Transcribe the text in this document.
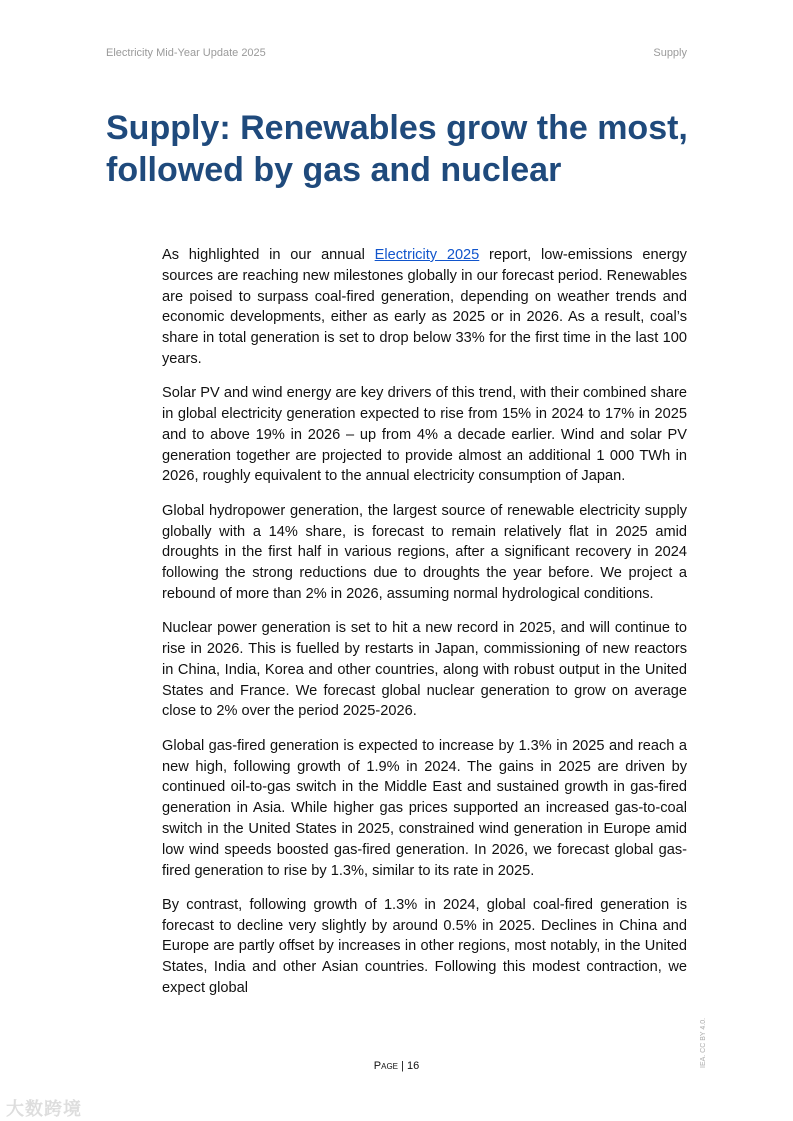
Electricity Mid-Year Update 2025	Supply
Supply: Renewables grow the most, followed by gas and nuclear

As highlighted in our annual Electricity 2025 report, low-emissions energy sources are reaching new milestones globally in our forecast period. Renewables are poised to surpass coal-fired generation, depending on weather trends and economic developments, either as early as 2025 or in 2026. As a result, coal’s share in total generation is set to drop below 33% for the first time in the last 100 years.

Solar PV and wind energy are key drivers of this trend, with their combined share in global electricity generation expected to rise from 15% in 2024 to 17% in 2025 and to above 19% in 2026 – up from 4% a decade earlier. Wind and solar PV generation together are projected to provide almost an additional 1 000 TWh in 2026, roughly equivalent to the annual electricity consumption of Japan.

Global hydropower generation, the largest source of renewable electricity supply globally with a 14% share, is forecast to remain relatively flat in 2025 amid droughts in the first half in various regions, after a significant recovery in 2024 following the strong reductions due to droughts the year before. We project a rebound of more than 2% in 2026, assuming normal hydrological conditions.

Nuclear power generation is set to hit a new record in 2025, and will continue to rise in 2026. This is fuelled by restarts in Japan, commissioning of new reactors in China, India, Korea and other countries, along with robust output in the United States and France. We forecast global nuclear generation to grow on average close to 2% over the period 2025-2026.

Global gas-fired generation is expected to increase by 1.3% in 2025 and reach a new high, following growth of 1.9% in 2024. The gains in 2025 are driven by continued oil-to-gas switch in the Middle East and sustained growth in gas-fired generation in Asia. While higher gas prices supported an increased gas-to-coal switch in the United States in 2025, constrained wind generation in Europe amid low wind speeds boosted gas-fired generation. In 2026, we forecast global gas-fired generation to rise by 1.3%, similar to its rate in 2025.

By contrast, following growth of 1.3% in 2024, global coal-fired generation is forecast to decline very slightly by around 0.5% in 2025. Declines in China and Europe are partly offset by increases in other regions, most notably, in the United States, India and other Asian countries. Following this modest contraction, we expect global

Page | 16	IEA. CC BY 4.0.
大数跨境
